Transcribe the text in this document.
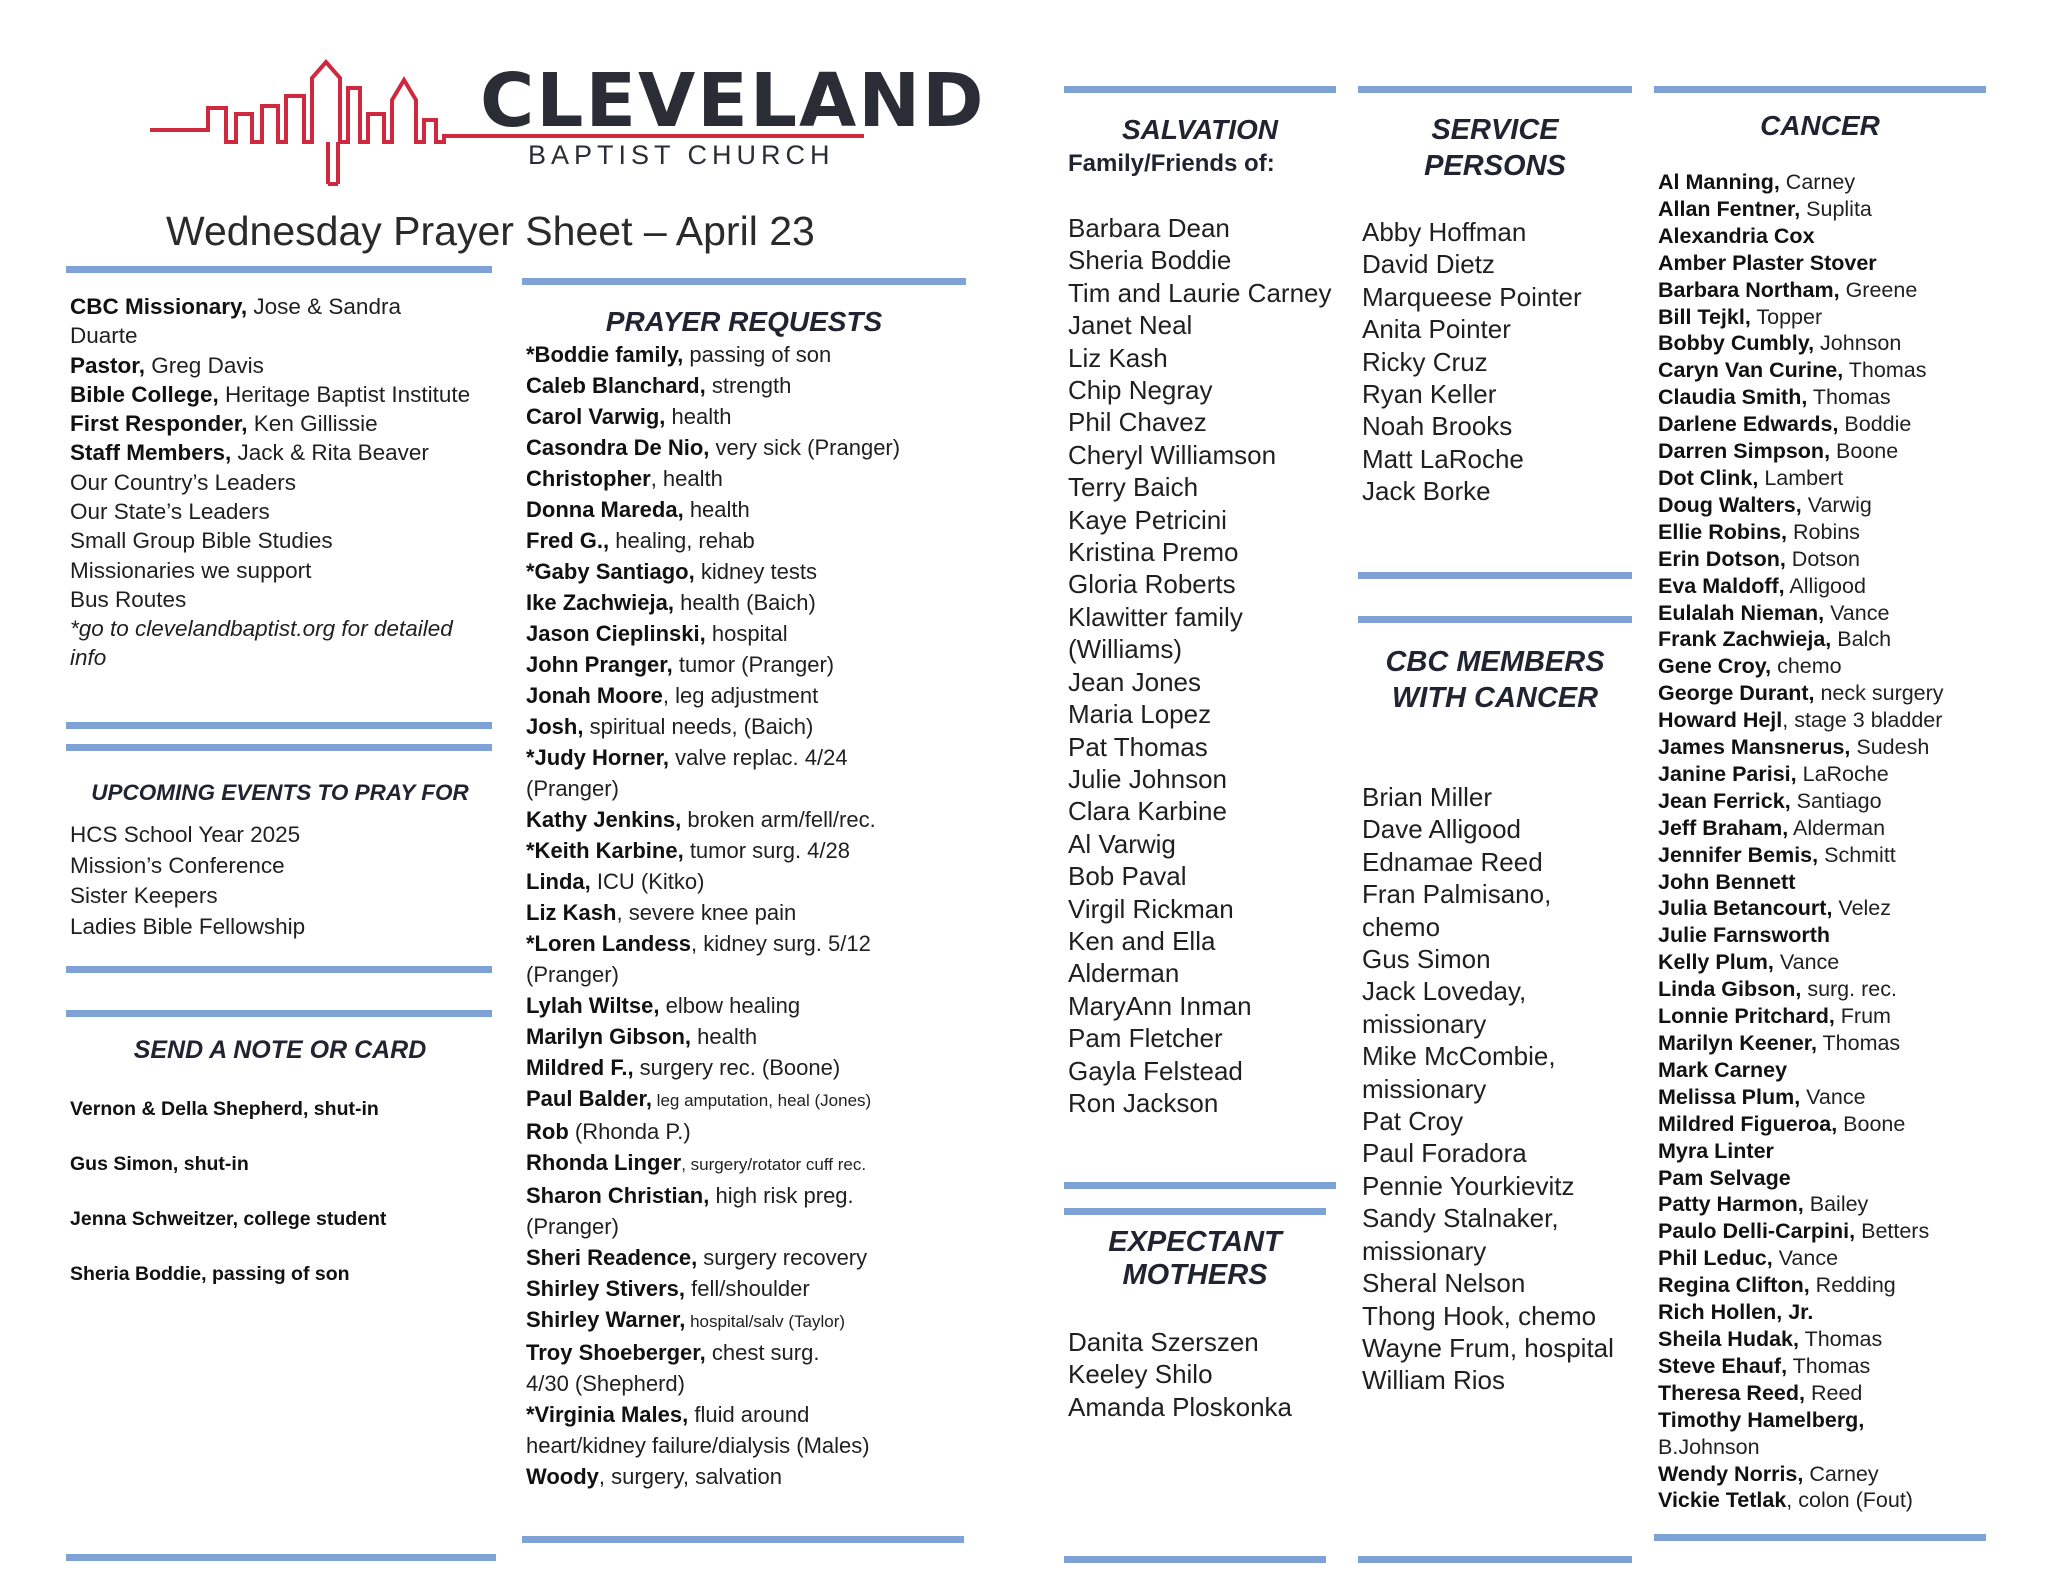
CLEVELAND
BAPTIST CHURCH
Wednesday Prayer Sheet – April 23
CBC Missionary, Jose & Sandra
Duarte
Pastor, Greg Davis
Bible College, Heritage Baptist Institute
First Responder, Ken Gillissie
Staff Members, Jack & Rita Beaver
Our Country’s Leaders
Our State’s Leaders
Small Group Bible Studies
Missionaries we support
Bus Routes
*go to clevelandbaptist.org for detailed
info
UPCOMING EVENTS TO PRAY FOR
HCS School Year 2025
Mission’s Conference
Sister Keepers
Ladies Bible Fellowship
SEND A NOTE OR CARD
Vernon & Della Shepherd, shut-in
Gus Simon, shut-in
Jenna Schweitzer, college student
Sheria Boddie, passing of son
PRAYER REQUESTS
*Boddie family, passing of son
Caleb Blanchard, strength
Carol Varwig, health
Casondra De Nio, very sick (Pranger)
Christopher, health
Donna Mareda, health
Fred G., healing, rehab
*Gaby Santiago, kidney tests
Ike Zachwieja, health (Baich)
Jason Cieplinski, hospital
John Pranger, tumor (Pranger)
Jonah Moore, leg adjustment
Josh, spiritual needs, (Baich)
*Judy Horner, valve replac. 4/24
(Pranger)
Kathy Jenkins, broken arm/fell/rec.
*Keith Karbine, tumor surg. 4/28
Linda, ICU (Kitko)
Liz Kash, severe knee pain
*Loren Landess, kidney surg. 5/12
(Pranger)
Lylah Wiltse, elbow healing
Marilyn Gibson, health
Mildred F., surgery rec. (Boone)
Paul Balder, leg amputation, heal (Jones)
Rob (Rhonda P.)
Rhonda Linger, surgery/rotator cuff rec.
Sharon Christian, high risk preg.
(Pranger)
Sheri Readence, surgery recovery
Shirley Stivers, fell/shoulder
Shirley Warner, hospital/salv (Taylor)
Troy Shoeberger, chest surg.
4/30 (Shepherd)
*Virginia Males, fluid around
heart/kidney failure/dialysis (Males)
Woody, surgery, salvation
SALVATION
Family/Friends of:
Barbara Dean
Sheria Boddie
Tim and Laurie Carney
Janet Neal
Liz Kash
Chip Negray
Phil Chavez
Cheryl Williamson
Terry Baich
Kaye Petricini
Kristina Premo
Gloria Roberts
Klawitter family
(Williams)
Jean Jones
Maria Lopez
Pat Thomas
Julie Johnson
Clara Karbine
Al Varwig
Bob Paval
Virgil Rickman
Ken and Ella
Alderman
MaryAnn Inman
Pam Fletcher
Gayla Felstead
Ron Jackson
EXPECTANT
MOTHERS
Danita Szerszen
Keeley Shilo
Amanda Ploskonka
SERVICE
PERSONS
Abby Hoffman
David Dietz
Marqueese Pointer
Anita Pointer
Ricky Cruz
Ryan Keller
Noah Brooks
Matt LaRoche
Jack Borke
CBC MEMBERS
WITH CANCER
Brian Miller
Dave Alligood
Ednamae Reed
Fran Palmisano,
chemo
Gus Simon
Jack Loveday,
missionary
Mike McCombie,
missionary
Pat Croy
Paul Foradora
Pennie Yourkievitz
Sandy Stalnaker,
missionary
Sheral Nelson
Thong Hook, chemo
Wayne Frum, hospital
William Rios
CANCER
Al Manning, Carney
Allan Fentner, Suplita
Alexandria Cox
Amber Plaster Stover
Barbara Northam, Greene
Bill Tejkl, Topper
Bobby Cumbly, Johnson
Caryn Van Curine, Thomas
Claudia Smith, Thomas
Darlene Edwards, Boddie
Darren Simpson, Boone
Dot Clink, Lambert
Doug Walters, Varwig
Ellie Robins, Robins
Erin Dotson, Dotson
Eva Maldoff, Alligood
Eulalah Nieman, Vance
Frank Zachwieja, Balch
Gene Croy, chemo
George Durant, neck surgery
Howard Hejl, stage 3 bladder
James Mansnerus, Sudesh
Janine Parisi, LaRoche
Jean Ferrick, Santiago
Jeff Braham, Alderman
Jennifer Bemis, Schmitt
John Bennett
Julia Betancourt, Velez
Julie Farnsworth
Kelly Plum, Vance
Linda Gibson, surg. rec.
Lonnie Pritchard, Frum
Marilyn Keener, Thomas
Mark Carney
Melissa Plum, Vance
Mildred Figueroa, Boone
Myra Linter
Pam Selvage
Patty Harmon, Bailey
Paulo Delli-Carpini, Betters
Phil Leduc, Vance
Regina Clifton, Redding
Rich Hollen, Jr.
Sheila Hudak, Thomas
Steve Ehauf, Thomas
Theresa Reed, Reed
Timothy Hamelberg,
B.Johnson
Wendy Norris, Carney
Vickie Tetlak, colon (Fout)
